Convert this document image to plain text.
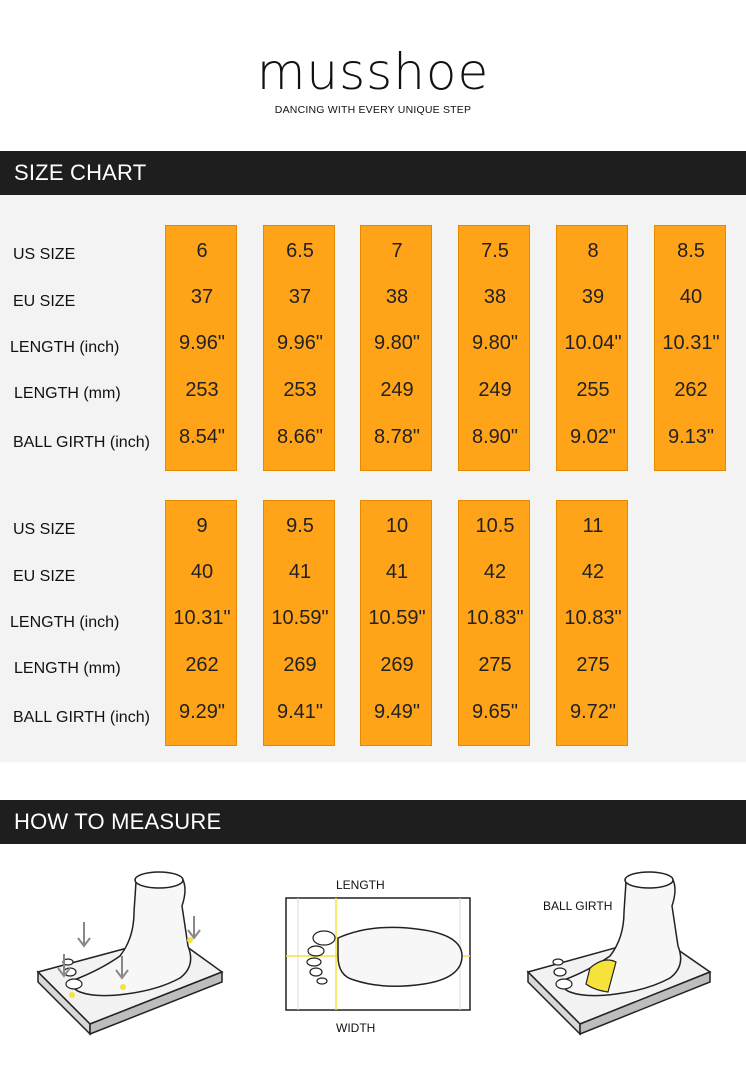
musshoe
DANCING WITH EVERY UNIQUE STEP
SIZE CHART
US SIZE
EU SIZE
LENGTH (inch)
LENGTH (mm)
BALL GIRTH (inch)
6
37
9.96"
253
8.54"
6.5
37
9.96"
253
8.66"
7
38
9.80"
249
8.78"
7.5
38
9.80"
249
8.90"
8
39
10.04"
255
9.02"
8.5
40
10.31"
262
9.13"
US SIZE
EU SIZE
LENGTH (inch)
LENGTH (mm)
BALL GIRTH (inch)
9
40
10.31"
262
9.29"
9.5
41
10.59"
269
9.41"
10
41
10.59"
269
9.49"
10.5
42
10.83"
275
9.65"
11
42
10.83"
275
9.72"
HOW TO MEASURE
LENGTH
WIDTH
BALL GIRTH
